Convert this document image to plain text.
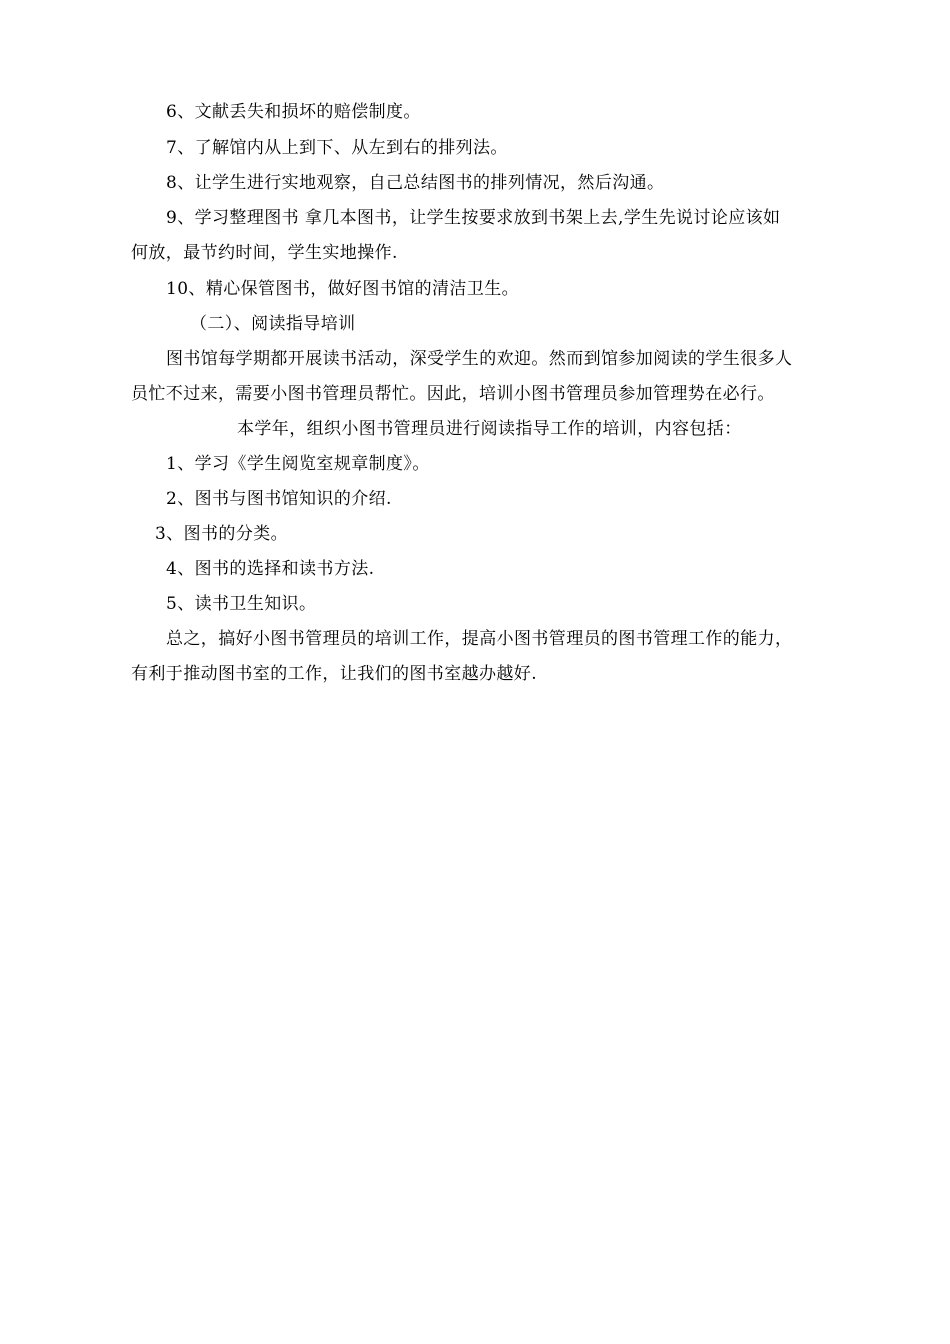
6、文献丢失和损坏的赔偿制度。
7、了解馆内从上到下、从左到右的排列法。
8、让学生进行实地观察，自己总结图书的排列情况，然后沟通。
9、学习整理图书 拿几本图书，让学生按要求放到书架上去,学生先说讨论应该如
何放，最节约时间，学生实地操作.
10、精心保管图书，做好图书馆的清洁卫生。
（二）、阅读指导培训
图书馆每学期都开展读书活动，深受学生的欢迎。然而到馆参加阅读的学生很多人
员忙不过来，需要小图书管理员帮忙。因此，培训小图书管理员参加管理势在必行。
本学年，组织小图书管理员进行阅读指导工作的培训，内容包括：
1、学习《学生阅览室规章制度》。
2、图书与图书馆知识的介绍.
3、图书的分类。
4、图书的选择和读书方法.
5、读书卫生知识。
总之，搞好小图书管理员的培训工作，提高小图书管理员的图书管理工作的能力，
有利于推动图书室的工作，让我们的图书室越办越好.
